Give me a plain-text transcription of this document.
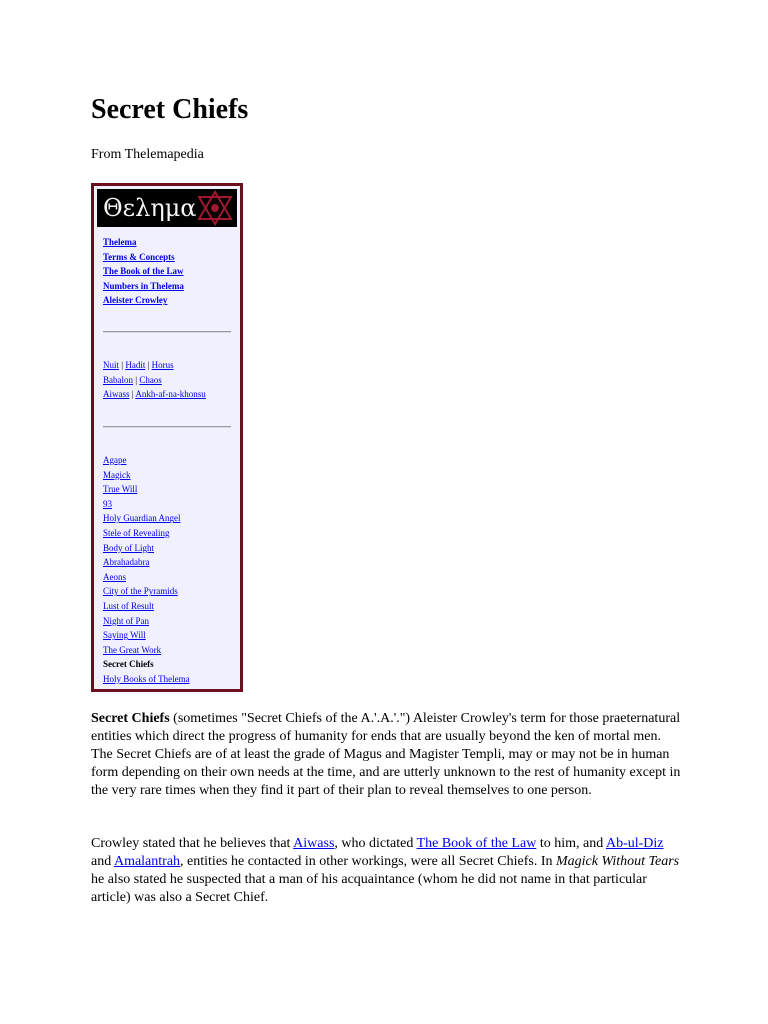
Secret Chiefs
From Thelemapedia
Θελημα
Thelema
Terms & Concepts
The Book of the Law
Numbers in Thelema
Aleister Crowley
Nuit | Hadit | Horus
Babalon | Chaos
Aiwass | Ankh-af-na-khonsu
Agape
Magick
True Will
93
Holy Guardian Angel
Stele of Revealing
Body of Light
Abrahadabra
Aeons
City of the Pyramids
Lust of Result
Night of Pan
Saying Will
The Great Work
Secret Chiefs
Holy Books of Thelema

Secret Chiefs (sometimes "Secret Chiefs of the A.'.A.'.") Aleister Crowley's term for those praeternatural entities which direct the progress of humanity for ends that are usually beyond the ken of mortal men. The Secret Chiefs are of at least the grade of Magus and Magister Templi, may or may not be in human form depending on their own needs at the time, and are utterly unknown to the rest of humanity except in the very rare times when they find it part of their plan to reveal themselves to one person.

Crowley stated that he believes that Aiwass, who dictated The Book of the Law to him, and Ab-ul-Diz and Amalantrah, entities he contacted in other workings, were all Secret Chiefs. In Magick Without Tears he also stated he suspected that a man of his acquaintance (whom he did not name in that particular article) was also a Secret Chief.
